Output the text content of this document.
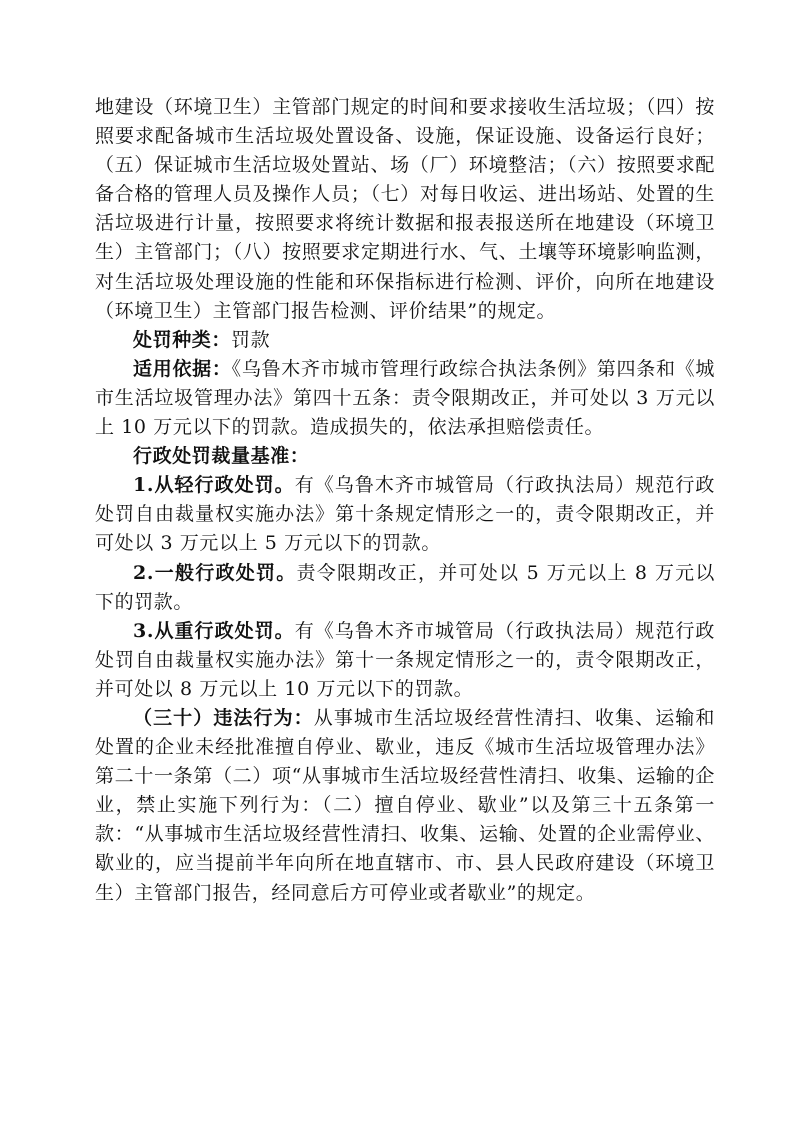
地建设（环境卫生）主管部门规定的时间和要求接收生活垃圾；（四）按照要求配备城市生活垃圾处置设备、设施，保证设施、设备运行良好；（五）保证城市生活垃圾处置站、场（厂）环境整洁；（六）按照要求配备合格的管理人员及操作人员；（七）对每日收运、进出场站、处置的生活垃圾进行计量，按照要求将统计数据和报表报送所在地建设（环境卫生）主管部门；（八）按照要求定期进行水、气、土壤等环境影响监测，对生活垃圾处理设施的性能和环保指标进行检测、评价，向所在地建设（环境卫生）主管部门报告检测、评价结果”的规定。

处罚种类：罚款

适用依据：《乌鲁木齐市城市管理行政综合执法条例》第四条和《城市生活垃圾管理办法》第四十五条：责令限期改正，并可处以 3 万元以上 10 万元以下的罚款。造成损失的，依法承担赔偿责任。

行政处罚裁量基准：

1.从轻行政处罚。有《乌鲁木齐市城管局（行政执法局）规范行政处罚自由裁量权实施办法》第十条规定情形之一的，责令限期改正，并可处以 3 万元以上 5 万元以下的罚款。

2.一般行政处罚。责令限期改正，并可处以 5 万元以上 8 万元以下的罚款。

3.从重行政处罚。有《乌鲁木齐市城管局（行政执法局）规范行政处罚自由裁量权实施办法》第十一条规定情形之一的，责令限期改正，并可处以 8 万元以上 10 万元以下的罚款。

（三十）违法行为：从事城市生活垃圾经营性清扫、收集、运输和处置的企业未经批准擅自停业、歇业，违反《城市生活垃圾管理办法》第二十一条第（二）项“从事城市生活垃圾经营性清扫、收集、运输的企业，禁止实施下列行为：（二）擅自停业、歇业”以及第三十五条第一款：“从事城市生活垃圾经营性清扫、收集、运输、处置的企业需停业、歇业的，应当提前半年向所在地直辖市、市、县人民政府建设（环境卫生）主管部门报告，经同意后方可停业或者歇业”的规定。
